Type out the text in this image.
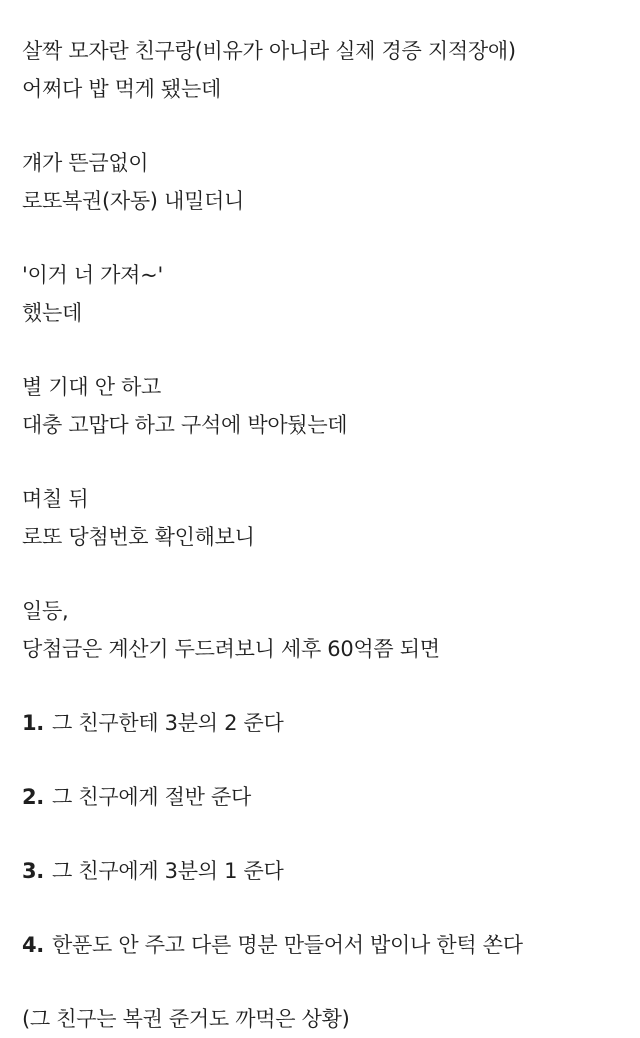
살짝 모자란 친구랑(비유가 아니라 실제 경증 지적장애)
어쩌다 밥 먹게 됐는데
걔가 뜬금없이
로또복권(자동) 내밀더니
'이거 너 가져~'
했는데
별 기대 안 하고
대충 고맙다 하고 구석에 박아뒀는데
며칠 뒤
로또 당첨번호 확인해보니
일등,
당첨금은 계산기 두드려보니 세후 60억쯤 되면
1. 그 친구한테 3분의 2 준다
2. 그 친구에게 절반 준다
3. 그 친구에게 3분의 1 준다
4. 한푼도 안 주고 다른 명분 만들어서 밥이나 한턱 쏜다
(그 친구는 복권 준거도 까먹은 상황)
